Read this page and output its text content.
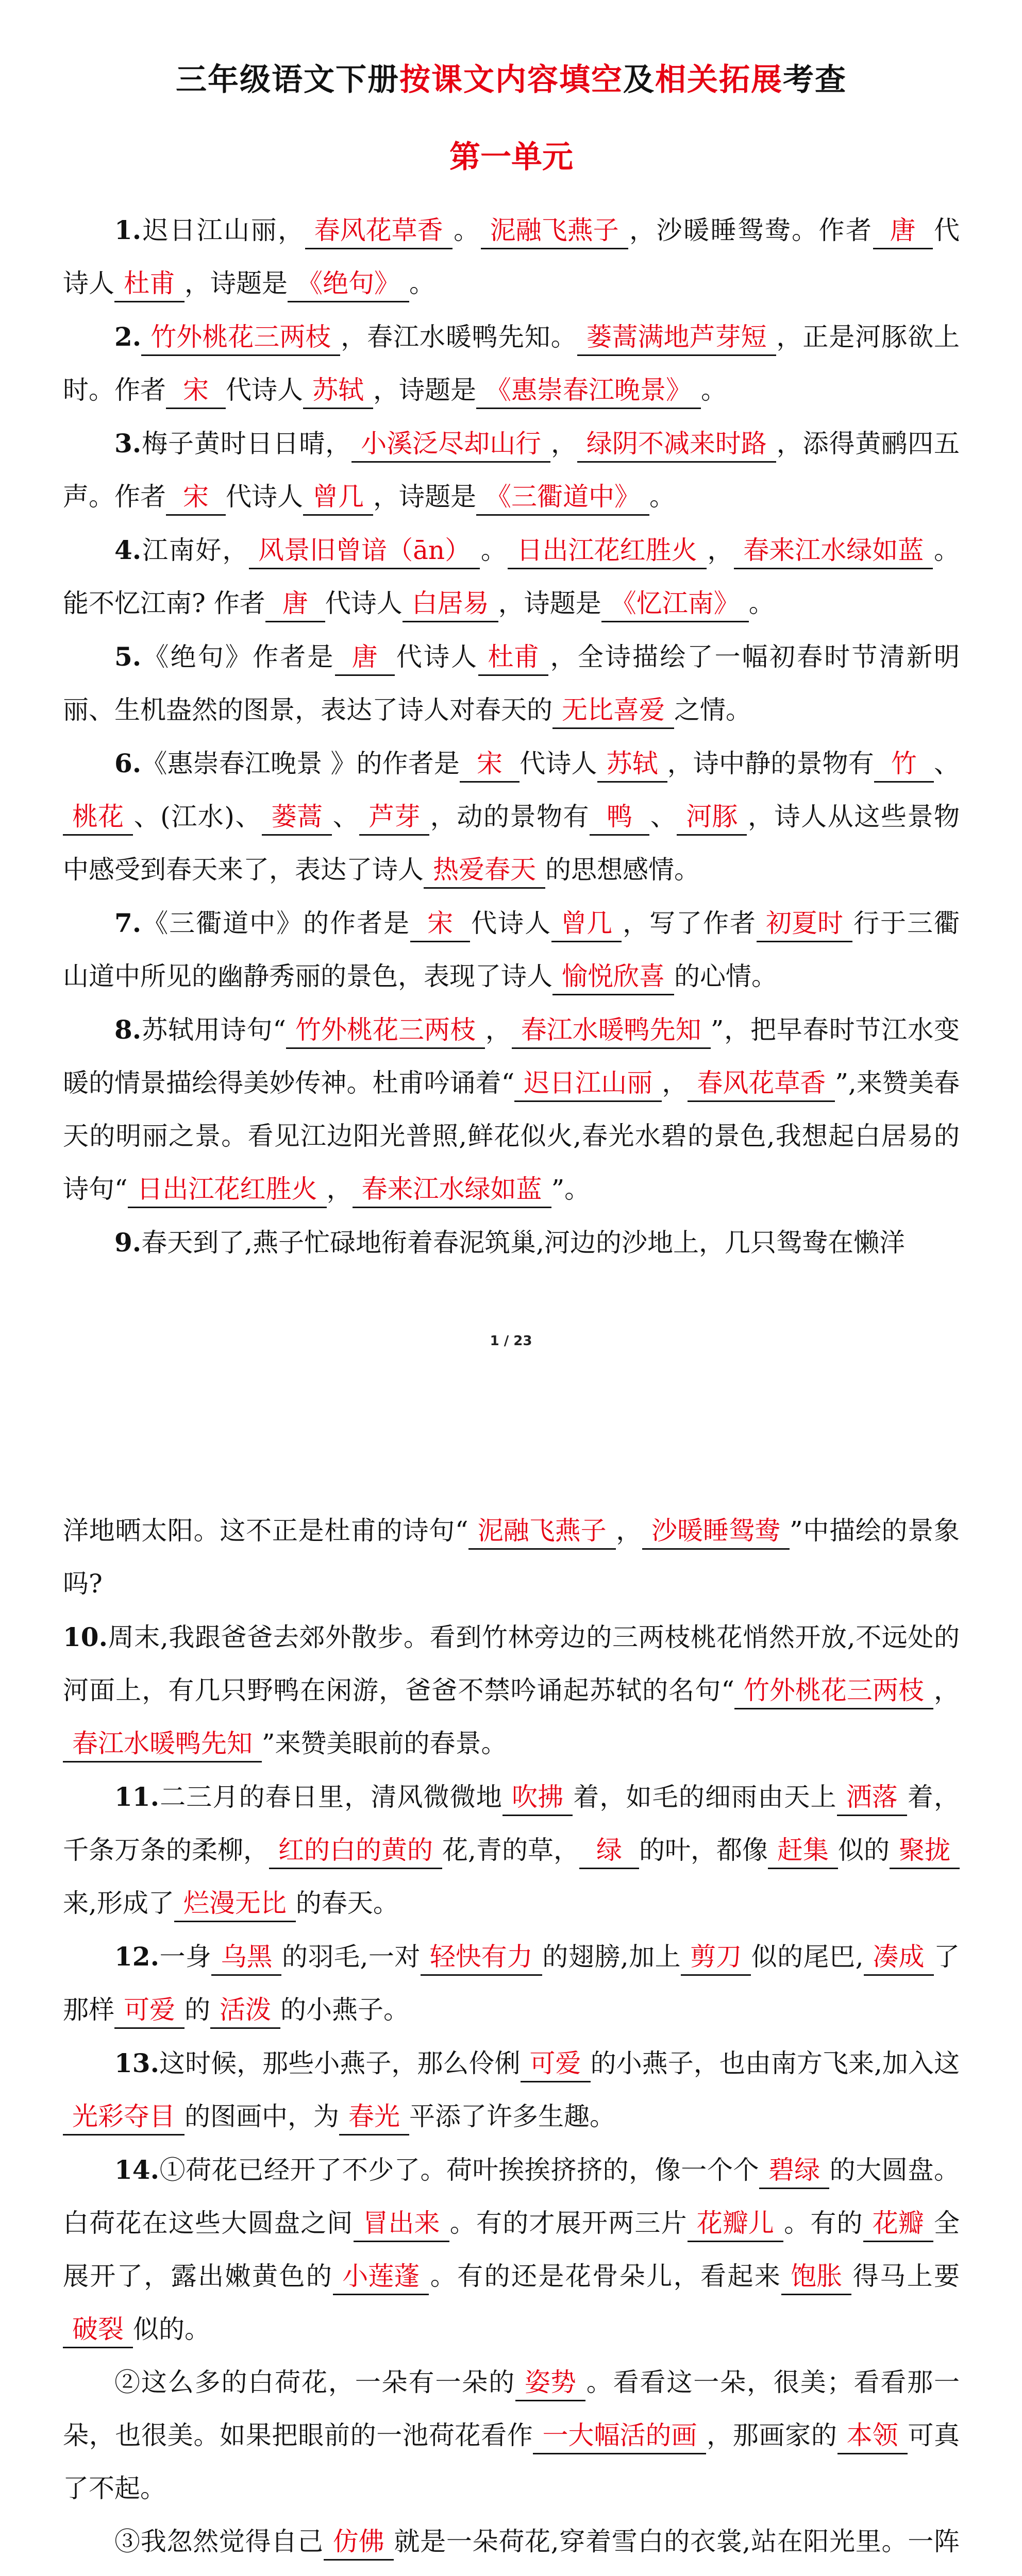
三年级语文下册按课文内容填空及相关拓展考查
第一单元

1.迟日江山丽， 春风花草香 。 泥融飞燕子 ，沙暖睡鸳鸯。作者 唐 代诗人 杜甫 ，诗题是 《绝句》 。

2. 竹外桃花三两枝 ，春江水暖鸭先知。 蒌蒿满地芦芽短 ，正是河豚欲上时。作者 宋 代诗人 苏轼 ，诗题是 《惠崇春江晚景》 。

3.梅子黄时日日晴， 小溪泛尽却山行 ， 绿阴不减来时路 ，添得黄鹂四五声。作者 宋 代诗人 曾几 ，诗题是 《三衢道中》 。

4.江南好， 风景旧曾谙（ān） 。 日出江花红胜火 ， 春来江水绿如蓝 。能不忆江南? 作者 唐 代诗人 白居易 ，诗题是 《忆江南》 。

5.《绝句》作者是 唐 代诗人 杜甫 ，全诗描绘了一幅初春时节清新明丽、生机盎然的图景，表达了诗人对春天的 无比喜爱 之情。

6.《惠崇春江晚景 》的作者是 宋 代诗人 苏轼 ，诗中静的景物有 竹 、桃花 、(江水)、 蒌蒿 、 芦芽 ，动的景物有 鸭 、 河豚 ，诗人从这些景物中感受到春天来了，表达了诗人 热爱春天 的思想感情。

7.《三衢道中》的作者是 宋 代诗人 曾几 ，写了作者 初夏时 行于三衢山道中所见的幽静秀丽的景色，表现了诗人 愉悦欣喜 的心情。

8.苏轼用诗句“ 竹外桃花三两枝 ， 春江水暖鸭先知 ”，把早春时节江水变暖的情景描绘得美妙传神。杜甫吟诵着“ 迟日江山丽 ， 春风花草香 ”,来赞美春天的明丽之景。看见江边阳光普照,鲜花似火,春光水碧的景色,我想起白居易的诗句“ 日出江花红胜火 ， 春来江水绿如蓝 ”。

9.春天到了,燕子忙碌地衔着春泥筑巢,河边的沙地上，几只鸳鸯在懒洋

1 / 23

洋地晒太阳。这不正是杜甫的诗句“ 泥融飞燕子 ， 沙暖睡鸳鸯 ”中描绘的景象吗?

10.周末,我跟爸爸去郊外散步。看到竹林旁边的三两枝桃花悄然开放,不远处的河面上，有几只野鸭在闲游，爸爸不禁吟诵起苏轼的名句“ 竹外桃花三两枝 ，春江水暖鸭先知 ”来赞美眼前的春景。

11.二三月的春日里，清风微微地 吹拂 着，如毛的细雨由天上 洒落 着，千条万条的柔柳， 红的白的黄的 花,青的草， 绿 的叶，都像 赶集 似的 聚拢来,形成了 烂漫无比 的春天。

12.一身 乌黑 的羽毛,一对 轻快有力 的翅膀,加上 剪刀 似的尾巴, 凑成 了那样 可爱 的 活泼 的小燕子。

13.这时候，那些小燕子，那么伶俐 可爱 的小燕子，也由南方飞来,加入这光彩夺目 的图画中，为 春光 平添了许多生趣。

14.①荷花已经开了不少了。荷叶挨挨挤挤的，像一个个 碧绿 的大圆盘。白荷花在这些大圆盘之间 冒出来 。有的才展开两三片 花瓣儿 。有的 花瓣 全展开了，露出嫩黄色的 小莲蓬 。有的还是花骨朵儿，看起来 饱胀 得马上要破裂 似的。

②这么多的白荷花，一朵有一朵的 姿势 。看看这一朵，很美；看看那一朵，也很美。如果把眼前的一池荷花看作 一大幅活的画 ，那画家的 本领 可真了不起。

③我忽然觉得自己 仿佛 就是一朵荷花,穿着雪白的衣裳,站在阳光里。一阵
